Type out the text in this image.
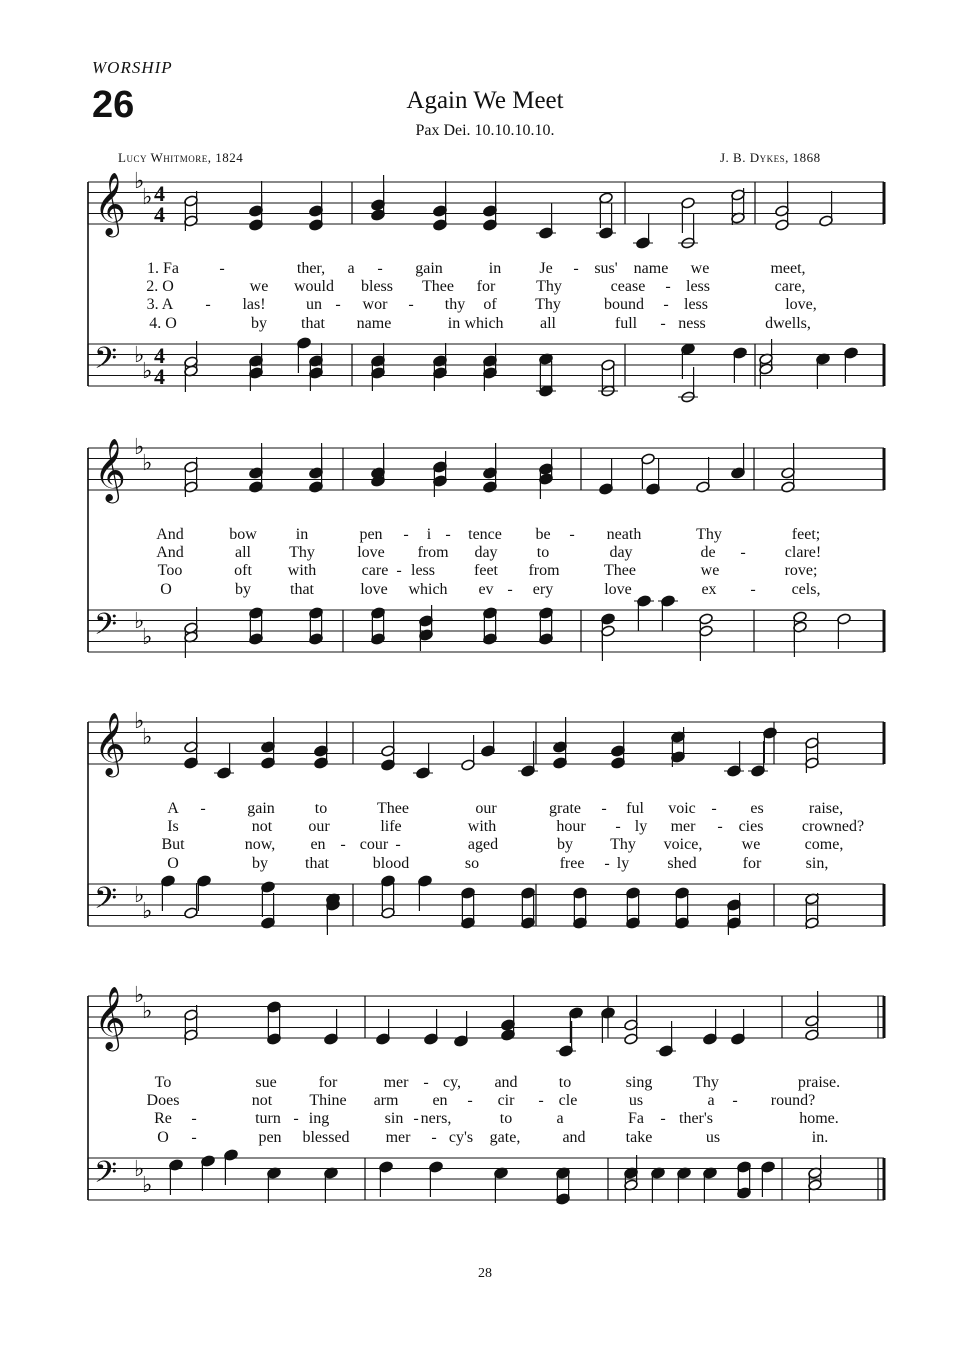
WORSHIP
26	Again We Meet
Pax Dei. 10.10.10.10.
Lucy Whitmore, 1824	J. B. Dykes, 1868
𝄞 ♭
♭ 4
4
𝄢 ♭
♭
4
4
1. Fa	-	ther, a - gain	in Je - sus' name we	meet,
2. O	we would bless Thee for	Thy	cease - less	care,
3. A - las!	un - wor - thy of Thy	bound - less	love,
4. O	by that name	in which all	full - ness	dwells,
𝄞 ♭
♭
𝄢 ♭
♭
And	bow in	pen - i - tence be - neath	Thy	feet;
And	all Thy	love from day to	day	de - clare!
Too	oft with	care - less feet from	Thee	we	rove;
O	by that	love which ev - ery	love	ex - cels,
𝄞 ♭
♭
𝄢 ♭
♭
A -	gain	to	Thee	our	grate - ful voic - es	raise,
Is	not our	life	with	hour - ly mer - cies crowned?
But	now, en - cour -	aged	by Thy voice, we	come,
O	by that	blood	so	free - ly shed	for	sin,
𝄞 ♭
♭
𝄢 ♭
♭
To	sue	for	mer - cy, and	to	sing	Thy	praise.
Does	not Thine arm en - cir - cle	us	a - round?
Re -	turn - ing	sin - ners,	to	a	Fa - ther's	home.
O -	pen blessed mer - cy's gate,	and	take	us	in.
28
